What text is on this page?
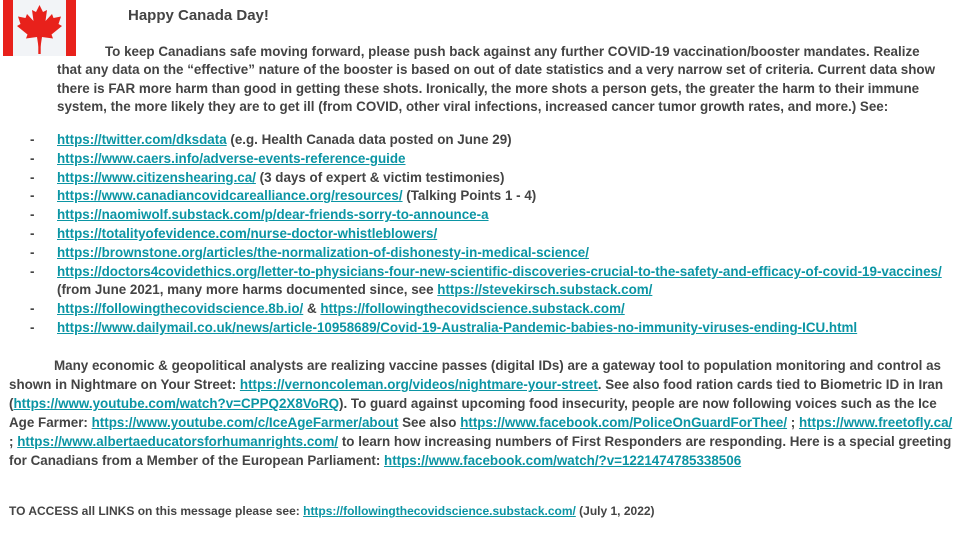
Happy Canada Day!
To keep Canadians safe moving forward, please push back against any further COVID-19 vaccination/booster mandates. Realize that any data on the “effective” nature of the booster is based on out of date statistics and a very narrow set of criteria. Current data show there is FAR more harm than good in getting these shots. Ironically, the more shots a person gets, the greater the harm to their immune system, the more likely they are to get ill (from COVID, other viral infections, increased cancer tumor growth rates, and more.) See:
- https://twitter.com/dksdata (e.g. Health Canada data posted on June 29)
- https://www.caers.info/adverse-events-reference-guide
- https://www.citizenshearing.ca/ (3 days of expert & victim testimonies)
- https://www.canadiancovidcarealliance.org/resources/ (Talking Points 1 - 4)
- https://naomiwolf.substack.com/p/dear-friends-sorry-to-announce-a
- https://totalityofevidence.com/nurse-doctor-whistleblowers/
- https://brownstone.org/articles/the-normalization-of-dishonesty-in-medical-science/
- https://doctors4covidethics.org/letter-to-physicians-four-new-scientific-discoveries-crucial-to-the-safety-and-efficacy-of-covid-19-vaccines/ (from June 2021, many more harms documented since, see https://stevekirsch.substack.com/
- https://followingthecovidscience.8b.io/ & https://followingthecovidscience.substack.com/
- https://www.dailymail.co.uk/news/article-10958689/Covid-19-Australia-Pandemic-babies-no-immunity-viruses-ending-ICU.html
Many economic & geopolitical analysts are realizing vaccine passes (digital IDs) are a gateway tool to population monitoring and control as shown in Nightmare on Your Street: https://vernoncoleman.org/videos/nightmare-your-street. See also food ration cards tied to Biometric ID in Iran (https://www.youtube.com/watch?v=CPPQ2X8VoRQ). To guard against upcoming food insecurity, people are now following voices such as the Ice Age Farmer: https://www.youtube.com/c/IceAgeFarmer/about See also https://www.facebook.com/PoliceOnGuardForThee/ ; https://www.freetofly.ca/ ; https://www.albertaeducatorsforhumanrights.com/ to learn how increasing numbers of First Responders are responding. Here is a special greeting for Canadians from a Member of the European Parliament: https://www.facebook.com/watch/?v=1221474785338506
TO ACCESS all LINKS on this message please see: https://followingthecovidscience.substack.com/ (July 1, 2022)
